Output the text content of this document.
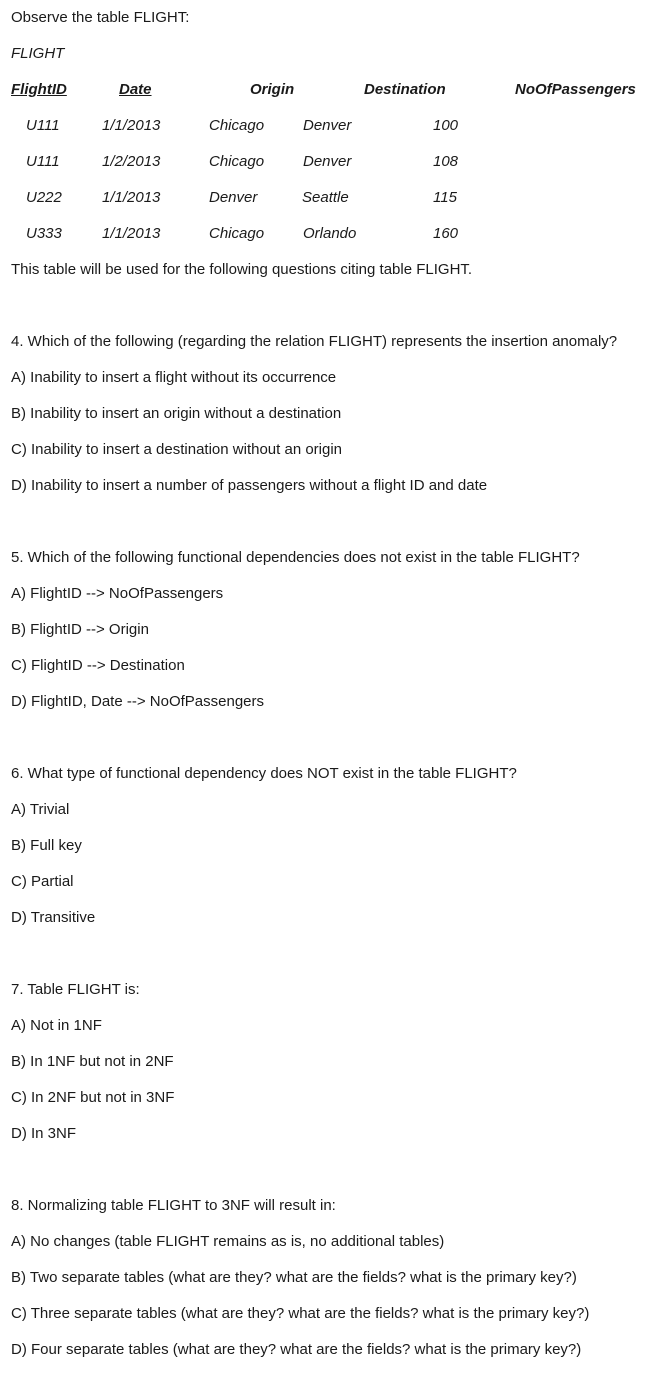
Observe the table FLIGHT:
FLIGHT
FlightID	Date	Origin	Destination	NoOfPassengers
U111	1/1/2013	Chicago	Denver	100
U111	1/2/2013	Chicago	Denver	108
U222	1/1/2013	Denver	Seattle	115
U333	1/1/2013	Chicago	Orlando	160
This table will be used for the following questions citing table FLIGHT.
4. Which of the following (regarding the relation FLIGHT) represents the insertion anomaly?
A) Inability to insert a flight without its occurrence
B) Inability to insert an origin without a destination
C) Inability to insert a destination without an origin
D) Inability to insert a number of passengers without a flight ID and date
5. Which of the following functional dependencies does not exist in the table FLIGHT?
A) FlightID --> NoOfPassengers
B) FlightID --> Origin
C) FlightID --> Destination
D) FlightID, Date --> NoOfPassengers
6. What type of functional dependency does NOT exist in the table FLIGHT?
A) Trivial
B) Full key
C) Partial
D) Transitive
7. Table FLIGHT is:
A) Not in 1NF
B) In 1NF but not in 2NF
C) In 2NF but not in 3NF
D) In 3NF
8. Normalizing table FLIGHT to 3NF will result in:
A) No changes (table FLIGHT remains as is, no additional tables)
B) Two separate tables (what are they? what are the fields? what is the primary key?)
C) Three separate tables (what are they? what are the fields? what is the primary key?)
D) Four separate tables (what are they? what are the fields? what is the primary key?)
